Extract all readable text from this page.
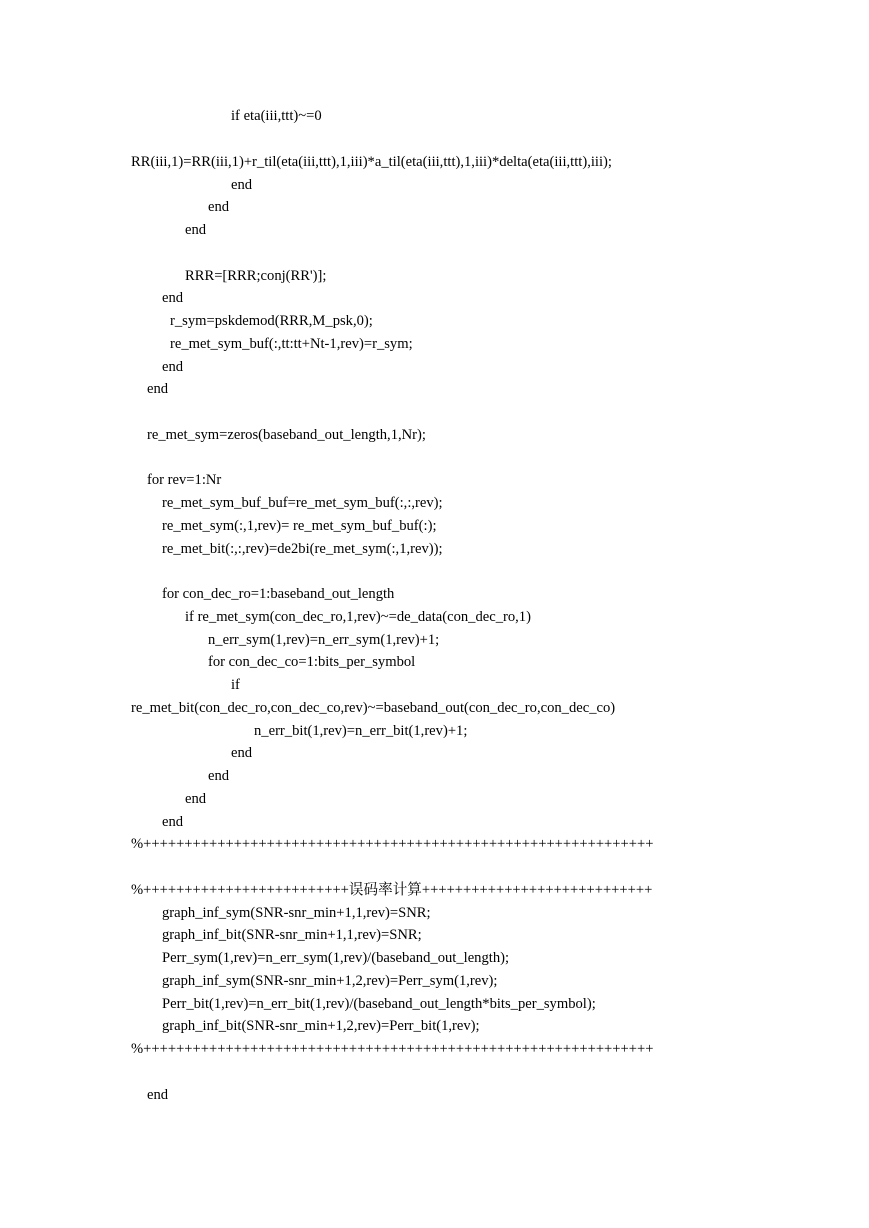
if eta(iii,ttt)~=0
RR(iii,1)=RR(iii,1)+r_til(eta(iii,ttt),1,iii)*a_til(eta(iii,ttt),1,iii)*delta(eta(iii,ttt),iii);
end
end
end
RRR=[RRR;conj(RR')];
end
r_sym=pskdemod(RRR,M_psk,0);
re_met_sym_buf(:,tt:tt+Nt-1,rev)=r_sym;
end
end
re_met_sym=zeros(baseband_out_length,1,Nr);
for rev=1:Nr
re_met_sym_buf_buf=re_met_sym_buf(:,:,rev);
re_met_sym(:,1,rev)= re_met_sym_buf_buf(:);
re_met_bit(:,:,rev)=de2bi(re_met_sym(:,1,rev));
for con_dec_ro=1:baseband_out_length
if re_met_sym(con_dec_ro,1,rev)~=de_data(con_dec_ro,1)
n_err_sym(1,rev)=n_err_sym(1,rev)+1;
for con_dec_co=1:bits_per_symbol
if
re_met_bit(con_dec_ro,con_dec_co,rev)~=baseband_out(con_dec_ro,con_dec_co)
n_err_bit(1,rev)=n_err_bit(1,rev)+1;
end
end
end
end
%++++++++++++++++++++++++++++++++++++++++++++++++++++++++++++++
%+++++++++++++++++++++++++误码率计算++++++++++++++++++++++++++++
graph_inf_sym(SNR-snr_min+1,1,rev)=SNR;
graph_inf_bit(SNR-snr_min+1,1,rev)=SNR;
Perr_sym(1,rev)=n_err_sym(1,rev)/(baseband_out_length);
graph_inf_sym(SNR-snr_min+1,2,rev)=Perr_sym(1,rev);
Perr_bit(1,rev)=n_err_bit(1,rev)/(baseband_out_length*bits_per_symbol);
graph_inf_bit(SNR-snr_min+1,2,rev)=Perr_bit(1,rev);
%++++++++++++++++++++++++++++++++++++++++++++++++++++++++++++++
end
